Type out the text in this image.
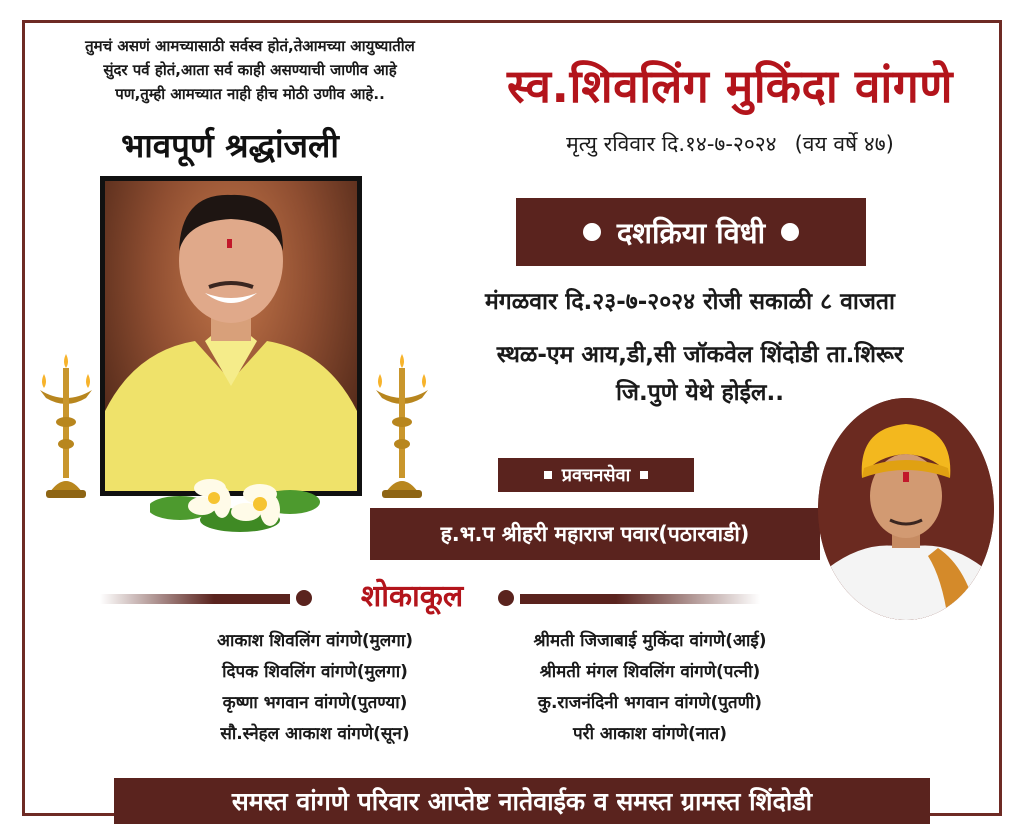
तुमचं असणं आमच्यासाठी सर्वस्व होतं,तेआमच्या आयुष्यातील
सुंदर पर्व होतं,आता सर्व काही असण्याची जाणीव आहे
पण,तुम्ही आमच्यात नाही हीच मोठी उणीव आहे..
भावपूर्ण श्रद्धांजली
स्व.शिवलिंग मुकिंदा वांगणे
मृत्यु रविवार दि.१४-७-२०२४ (वय वर्षे ४७)
दशक्रिया विधी
मंगळवार दि.२३-७-२०२४ रोजी सकाळी ८ वाजता
स्थळ-एम आय,डी,सी जॉकवेल शिंदोडी ता.शिरूर
जि.पुणे येथे होईल..
प्रवचनसेवा
ह.भ.प श्रीहरी महाराज पवार(पठारवाडी)
शोकाकूल
आकाश शिवलिंग वांगणे(मुलगा)
दिपक शिवलिंग वांगणे(मुलगा)
कृष्णा भगवान वांगणे(पुतण्या)
सौ.स्नेहल आकाश वांगणे(सून)
श्रीमती जिजाबाई मुकिंदा वांगणे(आई)
श्रीमती मंगल शिवलिंग वांगणे(पत्नी)
कु.राजनंदिनी भगवान वांगणे(पुतणी)
परी आकाश वांगणे(नात)
समस्त वांगणे परिवार आप्तेष्ट नातेवाईक व समस्त ग्रामस्त शिंदोडी
